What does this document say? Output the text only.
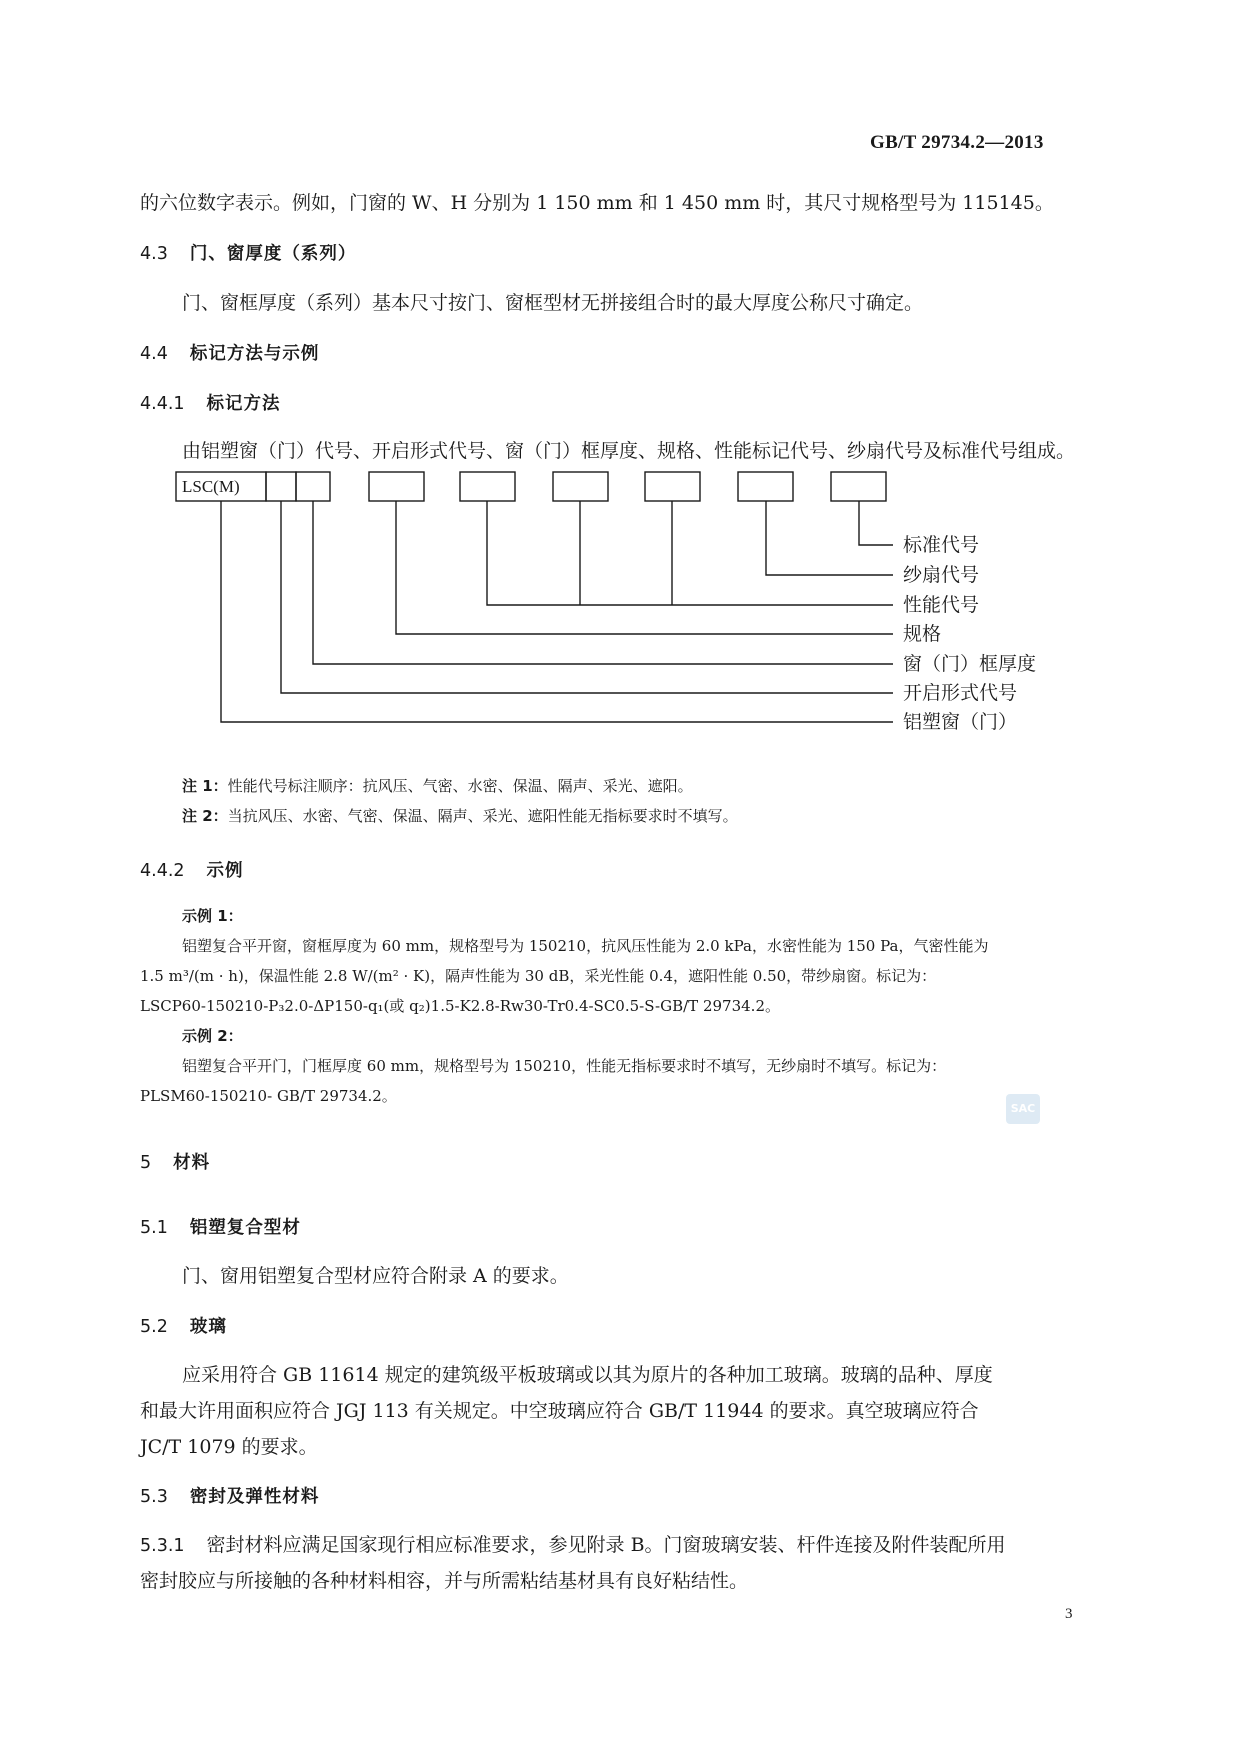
GB/T 29734.2—2013
的六位数字表示。例如，门窗的 W、H 分别为 1 150 mm 和 1 450 mm 时，其尺寸规格型号为 115145。
4.3 门、窗厚度（系列）
门、窗框厚度（系列）基本尺寸按门、窗框型材无拼接组合时的最大厚度公称尺寸确定。
4.4 标记方法与示例
4.4.1 标记方法
由铝塑窗（门）代号、开启形式代号、窗（门）框厚度、规格、性能标记代号、纱扇代号及标准代号组成。
LSC(M)
标准代号
纱扇代号
性能代号
规格
窗（门）框厚度
开启形式代号
铝塑窗（门）
注 1：性能代号标注顺序：抗风压、气密、水密、保温、隔声、采光、遮阳。
注 2：当抗风压、水密、气密、保温、隔声、采光、遮阳性能无指标要求时不填写。
4.4.2 示例
示例 1：
铝塑复合平开窗，窗框厚度为 60 mm，规格型号为 150210，抗风压性能为 2.0 kPa，水密性能为 150 Pa，气密性能为
1.5 m³/(m · h)，保温性能 2.8 W/(m² · K)，隔声性能为 30 dB，采光性能 0.4，遮阳性能 0.50，带纱扇窗。标记为：
LSCP60-150210-P₃2.0-ΔP150-q₁(或 q₂)1.5-K2.8-Rᴡ30-Tr0.4-SC0.5-S-GB/T 29734.2。
示例 2：
铝塑复合平开门，门框厚度 60 mm，规格型号为 150210，性能无指标要求时不填写，无纱扇时不填写。标记为：
PLSM60-150210- GB/T 29734.2。
SAC
5 材料
5.1 铝塑复合型材
门、窗用铝塑复合型材应符合附录 A 的要求。
5.2 玻璃
应采用符合 GB 11614 规定的建筑级平板玻璃或以其为原片的各种加工玻璃。玻璃的品种、厚度
和最大许用面积应符合 JGJ 113 有关规定。中空玻璃应符合 GB/T 11944 的要求。真空玻璃应符合
JC/T 1079 的要求。
5.3 密封及弹性材料
5.3.1 密封材料应满足国家现行相应标准要求，参见附录 B。门窗玻璃安装、杆件连接及附件装配所用
密封胶应与所接触的各种材料相容，并与所需粘结基材具有良好粘结性。
3
